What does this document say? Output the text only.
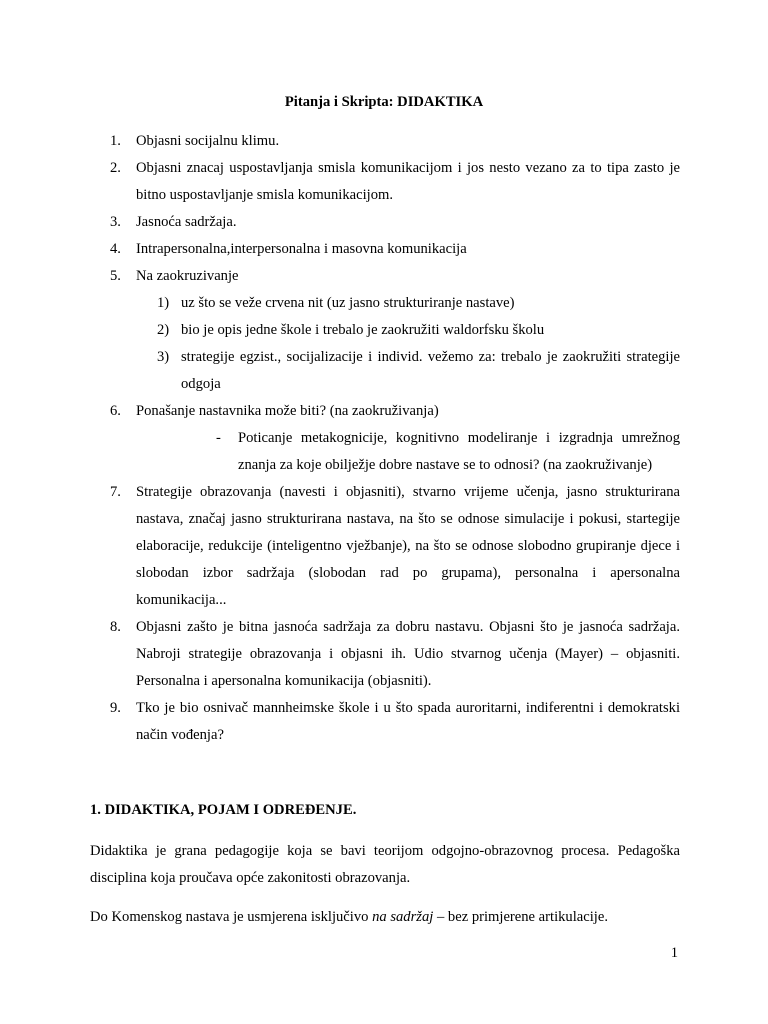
Pitanja i Skripta: DIDAKTIKA
1. Objasni socijalnu klimu.
2. Objasni znacaj uspostavljanja smisla komunikacijom i jos nesto vezano za to tipa zasto je bitno uspostavljanje smisla komunikacijom.
3. Jasnoća sadržaja.
4. Intrapersonalna,interpersonalna i masovna komunikacija
5. Na zaokruzivanje
1) uz što se veže crvena nit (uz jasno strukturiranje nastave)
2) bio je opis jedne škole i trebalo je zaokružiti waldorfsku školu
3) strategije egzist., socijalizacije i individ. vežemo za: trebalo je zaokružiti strategije odgoja
6. Ponašanje nastavnika može biti? (na zaokruživanja)
- Poticanje metakognicije, kognitivno modeliranje i izgradnja umrežnog znanja za koje obilježje dobre nastave se to odnosi? (na zaokruživanje)
7. Strategije obrazovanja (navesti i objasniti), stvarno vrijeme učenja, jasno strukturirana nastava, značaj jasno strukturirana nastava, na što se odnose simulacije i pokusi, startegije elaboracije, redukcije (inteligentno vježbanje), na što se odnose slobodno grupiranje djece i slobodan izbor sadržaja (slobodan rad po grupama), personalna i apersonalna komunikacija...
8. Objasni zašto je bitna jasnoća sadržaja za dobru nastavu. Objasni što je jasnoća sadržaja. Nabroji strategije obrazovanja i objasni ih. Udio stvarnog učenja (Mayer) – objasniti. Personalna i apersonalna komunikacija (objasniti).
9. Tko je bio osnivač mannheimske škole i u što spada auroritarni, indiferentni i demokratski način vođenja?
1. DIDAKTIKA, POJAM I ODREĐENJE.

Didaktika je grana pedagogije koja se bavi teorijom odgojno-obrazovnog procesa. Pedagoška disciplina koja proučava opće zakonitosti obrazovanja.

Do Komenskog nastava je usmjerena isključivo na sadržaj – bez primjerene artikulacije.

1
